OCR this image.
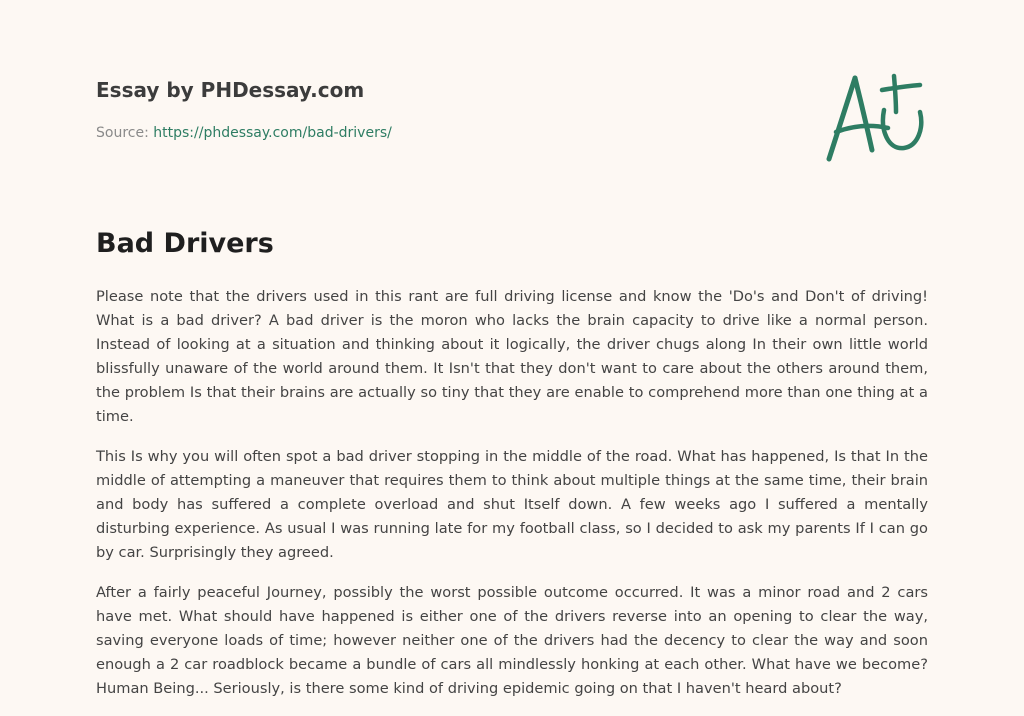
Essay by PHDessay.com
Source: https://phdessay.com/bad-drivers/
Bad Drivers

Please note that the drivers used in this rant are full driving license and know the 'Do's and Don't of driving! What is a bad driver? A bad driver is the moron who lacks the brain capacity to drive like a normal person. Instead of looking at a situation and thinking about it logically, the driver chugs along In their own little world blissfully unaware of the world around them. It Isn't that they don't want to care about the others around them, the problem Is that their brains are actually so tiny that they are enable to comprehend more than one thing at a time.

This Is why you will often spot a bad driver stopping in the middle of the road. What has happened, Is that In the middle of attempting a maneuver that requires them to think about multiple things at the same time, their brain and body has suffered a complete overload and shut Itself down. A few weeks ago I suffered a mentally disturbing experience. As usual I was running late for my football class, so I decided to ask my parents If I can go by car. Surprisingly they agreed.

After a fairly peaceful Journey, possibly the worst possible outcome occurred. It was a minor road and 2 cars have met. What should have happened is either one of the drivers reverse into an opening to clear the way, saving everyone loads of time; however neither one of the drivers had the decency to clear the way and soon enough a 2 car roadblock became a bundle of cars all mindlessly honking at each other. What have we become? Human Being... Seriously, is there some kind of driving epidemic going on that I haven't heard about?
